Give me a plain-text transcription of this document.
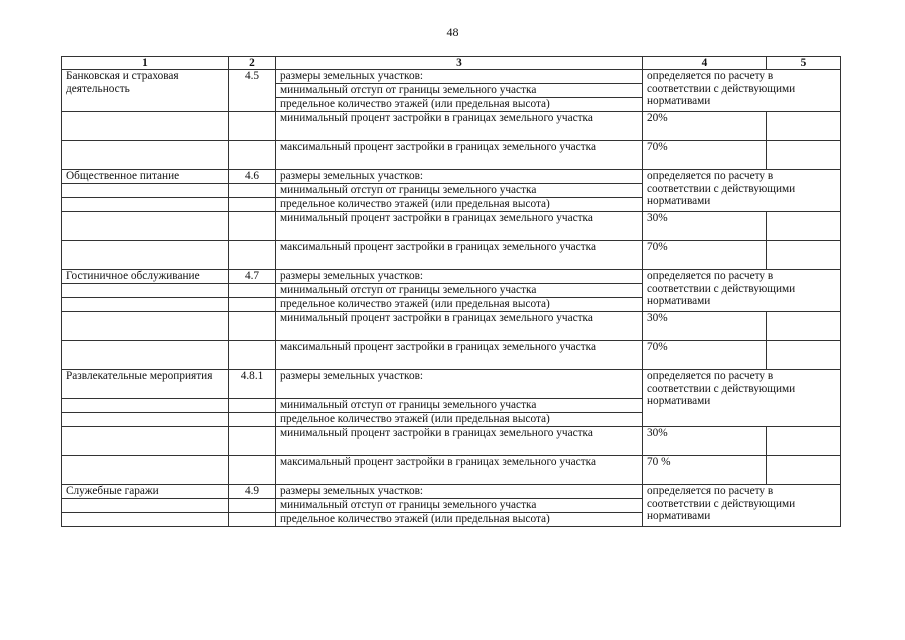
48
1	2	3	4	5
Банковская и страховая деятельность	4.5	размеры земельных участков:	определяется по расчету в соответствии с действующими нормативами	
		минимальный отступ от границы земельного участка		
		предельное количество этажей (или предельная высота)		
		минимальный процент застройки в границах земельного участка	20%	
		максимальный процент застройки в границах земельного участка	70%	
Общественное питание	4.6	размеры земельных участков:	определяется по расчету в соответствии с действующими нормативами	
		минимальный отступ от границы земельного участка		
		предельное количество этажей (или предельная высота)		
		минимальный процент застройки в границах земельного участка	30%	
		максимальный процент застройки в границах земельного участка	70%	
Гостиничное обслуживание	4.7	размеры земельных участков:	определяется по расчету в соответствии с действующими нормативами	
		минимальный отступ от границы земельного участка		
		предельное количество этажей (или предельная высота)		
		минимальный процент застройки в границах земельного участка	30%	
		максимальный процент застройки в границах земельного участка	70%	
Развлекательные мероприятия	4.8.1	размеры земельных участков:	определяется по расчету в соответствии с действующими нормативами	
		минимальный отступ от границы земельного участка		
		предельное количество этажей (или предельная высота)		
		минимальный процент застройки в границах земельного участка	30%	
		максимальный процент застройки в границах земельного участка	70 %	
Служебные гаражи	4.9	размеры земельных участков:	определяется по расчету в соответствии с действующими нормативами	
		минимальный отступ от границы земельного участка		
		предельное количество этажей (или предельная высота)		
